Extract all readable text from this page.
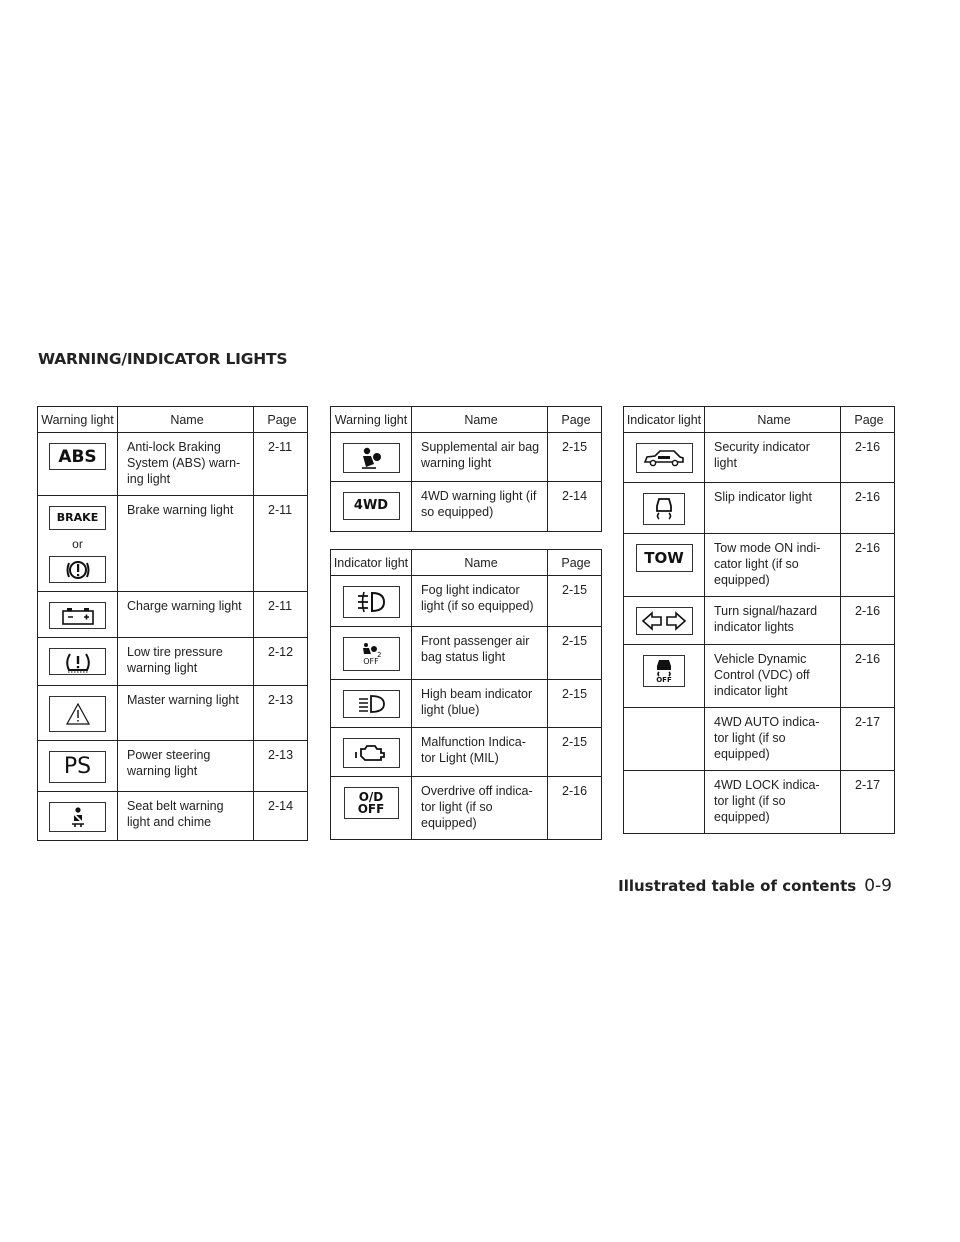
WARNING/INDICATOR LIGHTS
Warning light	Name	Page

ABS	Anti-lock Braking System (ABS) warn- ing light	2-11

BRAKE
or	Brake warning light	2-11

	Charge warning light	2-11

	Low tire pressure warning light	2-12

	Master warning light	2-13

PS	Power steering warning light	2-13

	Seat belt warning light and chime	2-14
Warning light	Name	Page

	Supplemental air bag warning light	2-15

4WD	4WD warning light (if so equipped)	2-14
Indicator light	Name	Page

	Fog light indicator light (if so equipped)	2-15

2
OFF	Front passenger air bag status light	2-15

	High beam indicator light (blue)	2-15

	Malfunction Indica- tor Light (MIL)	2-15

O/D
OFF	Overdrive off indica- tor light (if so equipped)	2-16
Indicator light	Name	Page

	Security indicator light	2-16

	Slip indicator light	2-16

TOW	Tow mode ON indi- cator light (if so equipped)	2-16

	Turn signal/hazard indicator lights	2-16

OFF	Vehicle Dynamic Control (VDC) off indicator light	2-16
	4WD AUTO indica- tor light (if so equipped)	2-17
	4WD LOCK indica- tor light (if so equipped)	2-17
Illustrated table of contents 0-9
